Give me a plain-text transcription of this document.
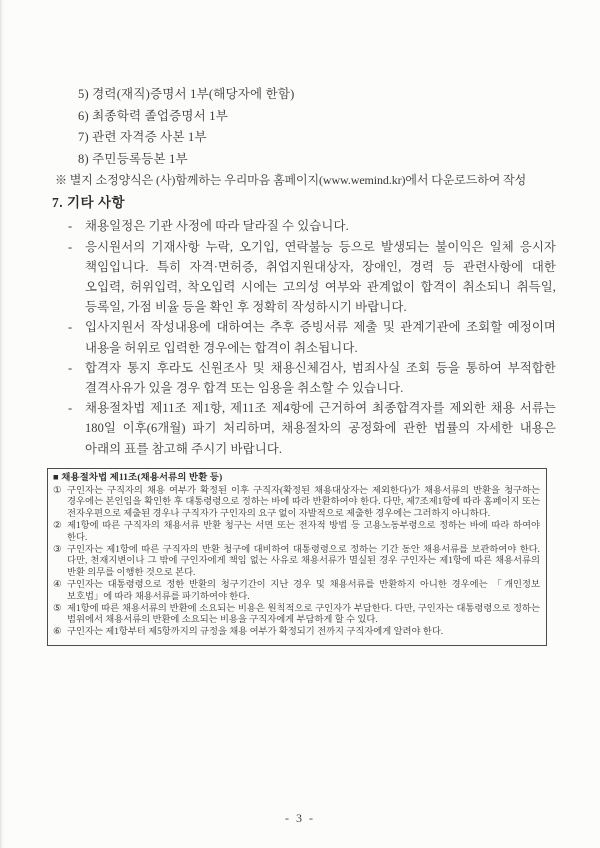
5) 경력(재직)증명서 1부(해당자에 한함)
6) 최종학력 졸업증명서 1부
7) 관련 자격증 사본 1부
8) 주민등록등본 1부
※ 별지 소정양식은 (사)함께하는 우리마음 홈페이지(www.wemind.kr)에서 다운로드하여 작성
7. 기타 사항
-	채용일정은 기관 사정에 따라 달라질 수 있습니다.
-	응시원서의 기재사항 누락, 오기입, 연락불능 등으로 발생되는 불이익은 일체 응시자 책임입니다. 특히 자격·면허증, 취업지원대상자, 장애인, 경력 등 관련사항에 대한 오입력, 허위입력, 착오입력 시에는 고의성 여부와 관계없이 합격이 취소되니 취득일, 등록일, 가점 비율 등을 확인 후 정확히 작성하시기 바랍니다.
-	입사지원서 작성내용에 대하여는 추후 증빙서류 제출 및 관계기관에 조회할 예정이며 내용을 허위로 입력한 경우에는 합격이 취소됩니다.
-	합격자 통지 후라도 신원조사 및 채용신체검사, 범죄사실 조회 등을 통하여 부적합한 결격사유가 있을 경우 합격 또는 임용을 취소할 수 있습니다.
-	채용절차법 제11조 제1항, 제11조 제4항에 근거하여 최종합격자를 제외한 채용 서류는 180일 이후(6개월) 파기 처리하며, 채용절차의 공정화에 관한 법률의 자세한 내용은 아래의 표를 참고해 주시기 바랍니다.
■ 채용절차법 제11조(채용서류의 반환 등)
① 구인자는 구직자의 채용 여부가 확정된 이후 구직자(확정된 채용대상자는 제외한다)가 채용서류의 반환을 청구하는 경우에는 본인임을 확인한 후 대통령령으로 정하는 바에 따라 반환하여야 한다. 다만, 제7조제1항에 따라 홈페이지 또는 전자우편으로 제출된 경우나 구직자가 구인자의 요구 없이 자발적으로 제출한 경우에는 그러하지 아니하다.
② 제1항에 따른 구직자의 채용서류 반환 청구는 서면 또는 전자적 방법 등 고용노동부령으로 정하는 바에 따라 하여야 한다.
③ 구인자는 제1항에 따른 구직자의 반환 청구에 대비하여 대통령령으로 정하는 기간 동안 채용서류를 보관하여야 한다. 다만, 천재지변이나 그 밖에 구인자에게 책임 없는 사유로 채용서류가 멸실된 경우 구인자는 제1항에 따른 채용서류의 반환 의무를 이행한 것으로 본다.
④ 구인자는 대통령령으로 정한 반환의 청구기간이 지난 경우 및 채용서류를 반환하지 아니한 경우에는 「개인정보 보호법」에 따라 채용서류를 파기하여야 한다.
⑤ 제1항에 따른 채용서류의 반환에 소요되는 비용은 원칙적으로 구인자가 부담한다. 다만, 구인자는 대통령령으로 정하는 범위에서 채용서류의 반환에 소요되는 비용을 구직자에게 부담하게 할 수 있다.
⑥ 구인자는 제1항부터 제5항까지의 규정을 채용 여부가 확정되기 전까지 구직자에게 알려야 한다.
- 3 -
